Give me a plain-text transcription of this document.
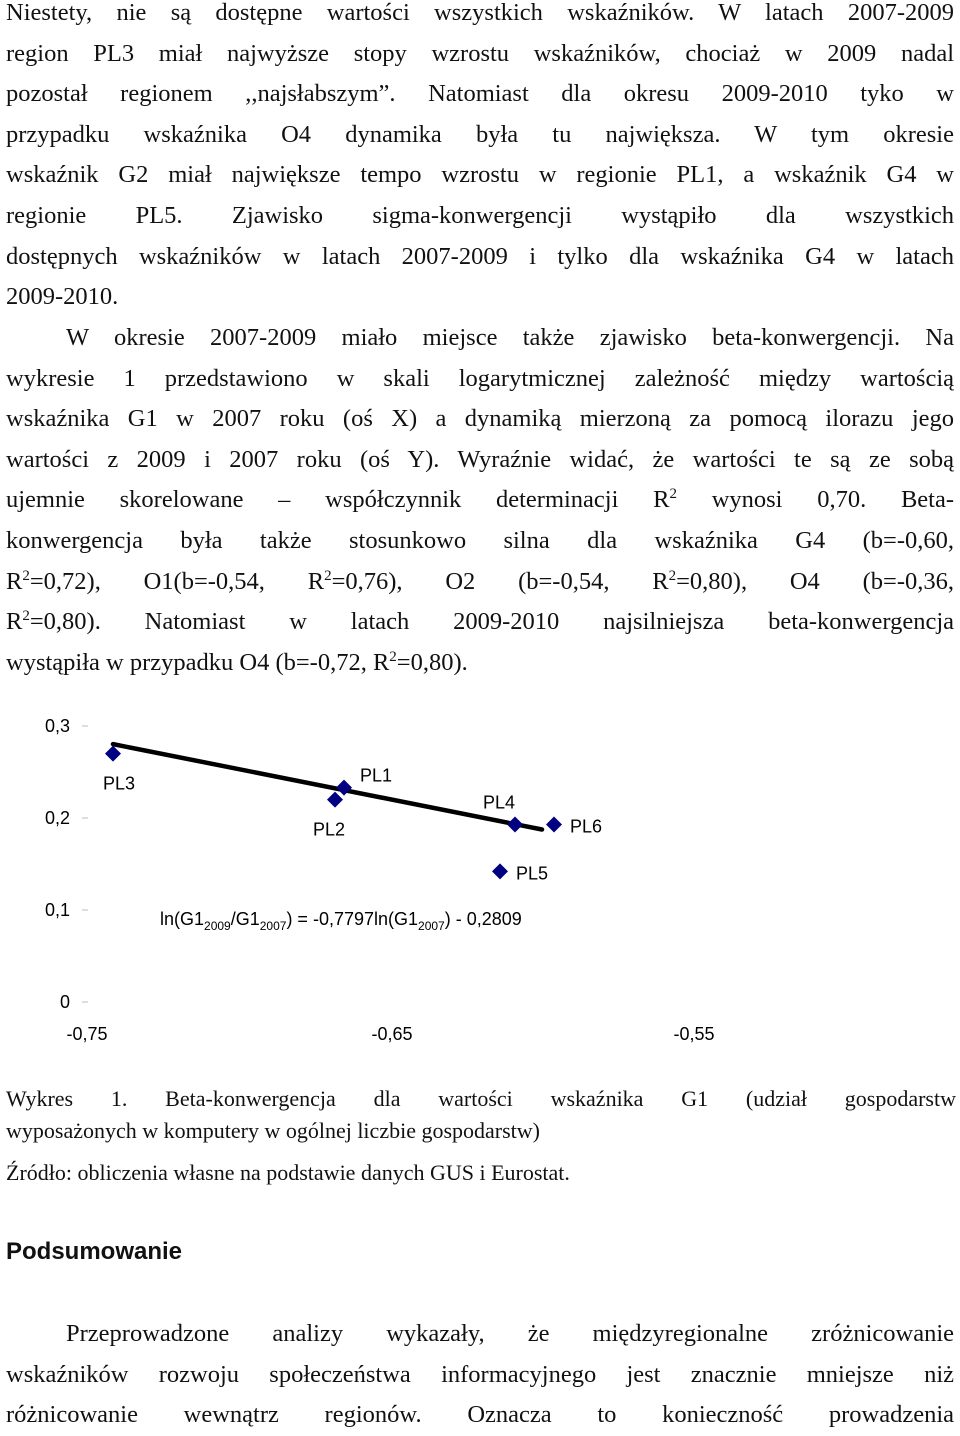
Niestety, nie są dostępne wartości wszystkich wskaźników. W latach 2007-2009
region PL3 miał najwyższe stopy wzrostu wskaźników, chociaż w 2009 nadal
pozostał regionem ,,najsłabszym”. Natomiast dla okresu 2009-2010 tyko w
przypadku wskaźnika O4 dynamika była tu największa. W tym okresie
wskaźnik G2 miał największe tempo wzrostu w regionie PL1, a wskaźnik G4 w
regionie PL5. Zjawisko sigma-konwergencji wystąpiło dla wszystkich
dostępnych wskaźników w latach 2007-2009 i tylko dla wskaźnika G4 w latach
2009-2010.
W okresie 2007-2009 miało miejsce także zjawisko beta-konwergencji. Na
wykresie 1 przedstawiono w skali logarytmicznej zależność między wartością
wskaźnika G1 w 2007 roku (oś X) a dynamiką mierzoną za pomocą ilorazu jego
wartości z 2009 i 2007 roku (oś Y). Wyraźnie widać, że wartości te są ze sobą
ujemnie skorelowane – współczynnik determinacji $R^2$ wynosi 0,70. Beta-
konwergencja była także stosunkowo silna dla wskaźnika G4 (b=-0,60,
$R^2=0,72$), O1(b=-0,54, $R^2=0,76$), O2 (b=-0,54, $R^2=0,80$), O4 (b=-0,36,
$R^2=0,80$). Natomiast w latach 2009-2010 najsilniejsza beta-konwergencja
wystąpiła w przypadku O4 (b=-0,72, $R^2=0,80$).
0
0,1
0,2
0,3
-0,75	-0,65	-0,55
PL3
PL2
PL1
PL4
PL6
PL5
$\ln(G1_{2009}/G1_{2007}) = -0,7797\ln(G1_{2007}) - 0,2809$
Wykres 1. Beta-konwergencja dla wartości wskaźnika G1 (udział gospodarstw
wyposażonych w komputery w ogólnej liczbie gospodarstw)
Źródło: obliczenia własne na podstawie danych GUS i Eurostat.
Podsumowanie
Przeprowadzone analizy wykazały, że międzyregionalne zróżnicowanie
wskaźników rozwoju społeczeństwa informacyjnego jest znacznie mniejsze niż
różnicowanie wewnątrz regionów. Oznacza to konieczność prowadzenia
